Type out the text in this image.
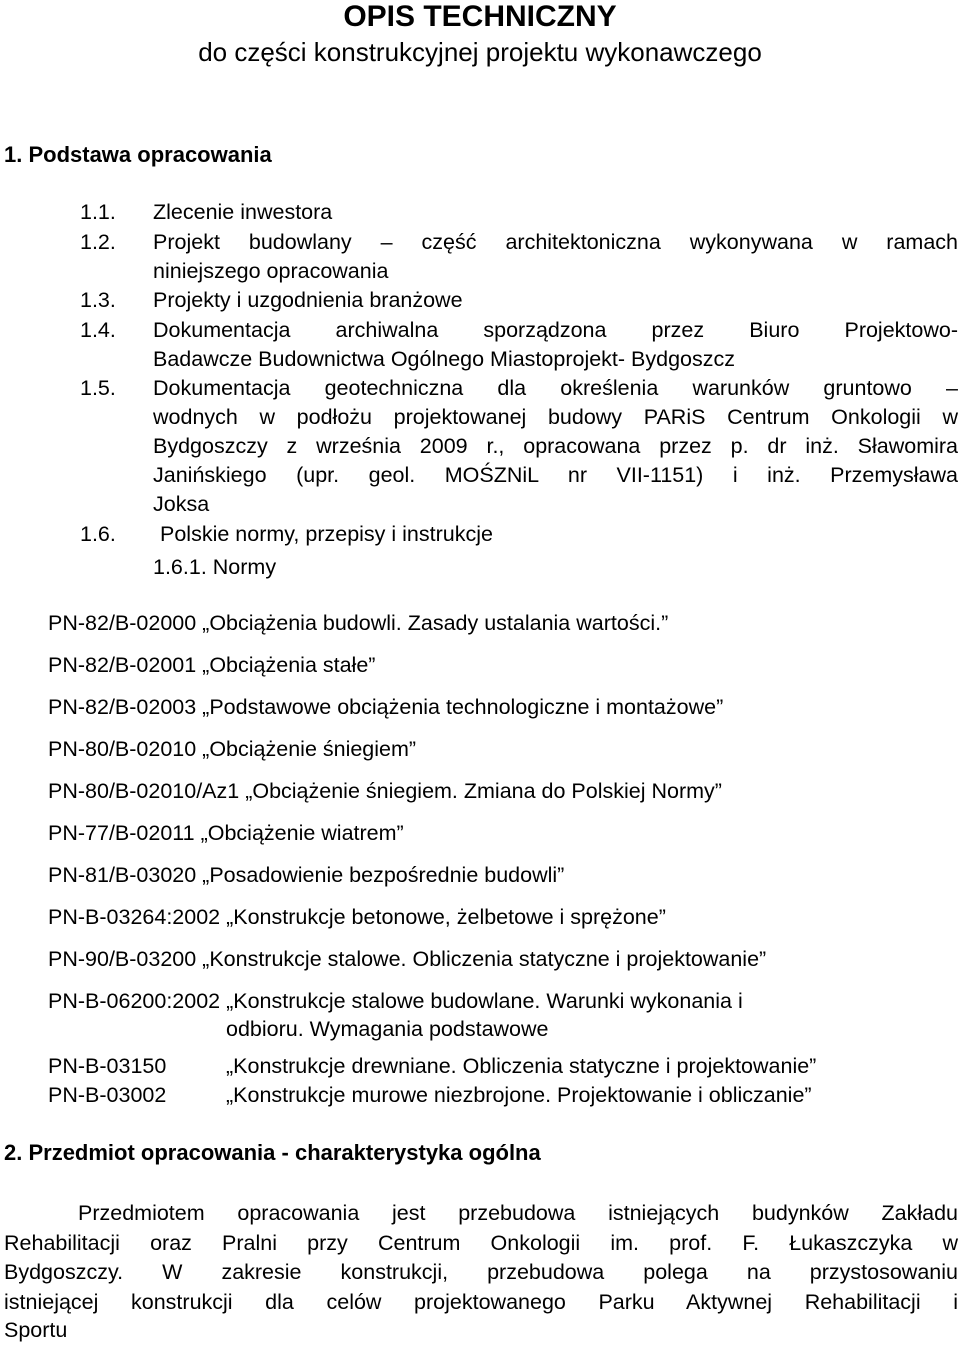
OPIS TECHNICZNY
do części konstrukcyjnej projektu wykonawczego
1. Podstawa opracowania
1.1. Zlecenie inwestora
1.2. Projekt budowlany – część architektoniczna wykonywana w ramach
niniejszego opracowania
1.3. Projekty i uzgodnienia branżowe
1.4. Dokumentacja archiwalna sporządzona przez Biuro Projektowo-
Badawcze Budownictwa Ogólnego Miastoprojekt- Bydgoszcz
1.5. Dokumentacja geotechniczna dla określenia warunków gruntowo –
wodnych w podłożu projektowanej budowy PARiS Centrum Onkologii w
Bydgoszczy z września 2009 r., opracowana przez p. dr inż. Sławomira
Janińskiego (upr. geol. MOŚZNiL nr VII-1151) i inż. Przemysława
Joksa
1.6. Polskie normy, przepisy i instrukcje
1.6.1. Normy
PN-82/B-02000 „Obciążenia budowli. Zasady ustalania wartości.”
PN-82/B-02001 „Obciążenia stałe”
PN-82/B-02003 „Podstawowe obciążenia technologiczne i montażowe”
PN-80/B-02010 „Obciążenie śniegiem”
PN-80/B-02010/Az1 „Obciążenie śniegiem. Zmiana do Polskiej Normy”
PN-77/B-02011 „Obciążenie wiatrem”
PN-81/B-03020 „Posadowienie bezpośrednie budowli”
PN-B-03264:2002 „Konstrukcje betonowe, żelbetowe i sprężone”
PN-90/B-03200 „Konstrukcje stalowe. Obliczenia statyczne i projektowanie”
PN-B-06200:2002 „Konstrukcje stalowe budowlane. Warunki wykonania i
odbioru. Wymagania podstawowe
PN-B-03150	„Konstrukcje drewniane. Obliczenia statyczne i projektowanie”
PN-B-03002	„Konstrukcje murowe niezbrojone. Projektowanie i obliczanie”
2. Przedmiot opracowania - charakterystyka ogólna
Przedmiotem opracowania jest przebudowa istniejących budynków Zakładu
Rehabilitacji oraz Pralni przy Centrum Onkologii im. prof. F. Łukaszczyka w
Bydgoszczy. W zakresie konstrukcji, przebudowa polega na przystosowaniu
istniejącej konstrukcji dla celów projektowanego Parku Aktywnej Rehabilitacji i
Sportu
